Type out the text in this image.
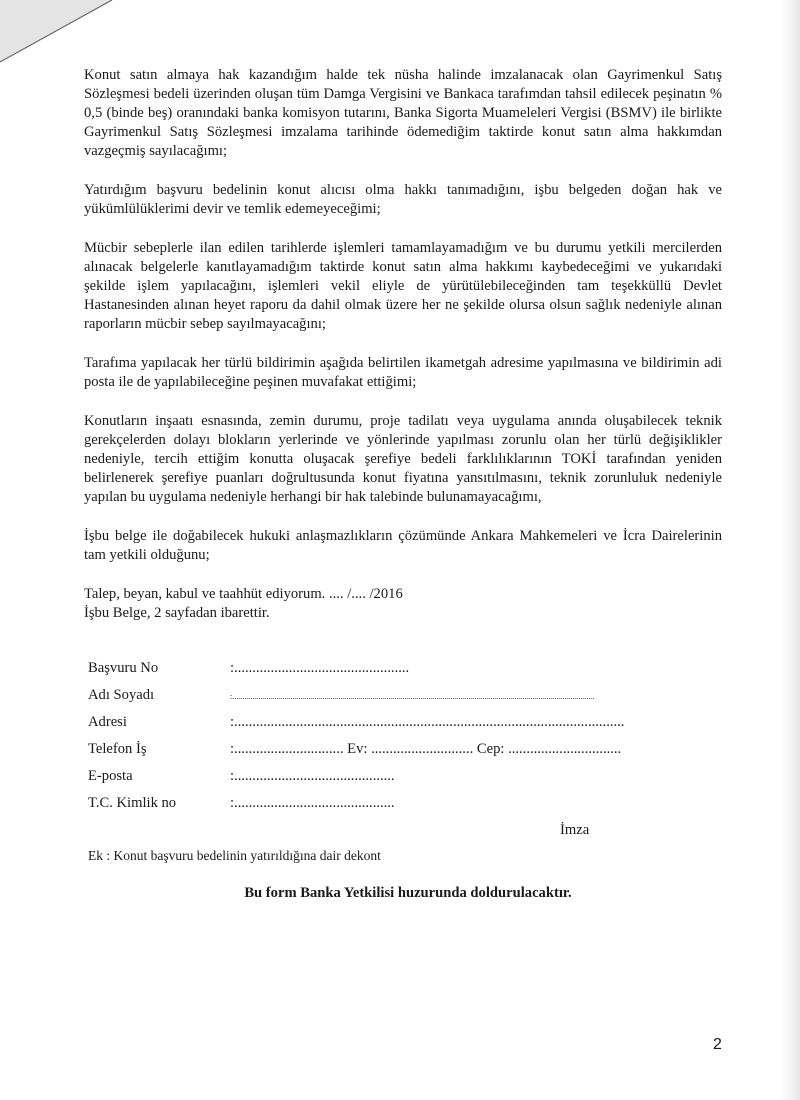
Konut satın almaya hak kazandığım halde tek nüsha halinde imzalanacak olan Gayrimenkul Satış Sözleşmesi bedeli üzerinden oluşan tüm Damga Vergisini ve Bankaca tarafımdan tahsil edilecek peşinatın % 0,5 (binde beş) oranındaki banka komisyon tutarını, Banka Sigorta Muameleleri Vergisi (BSMV) ile birlikte Gayrimenkul Satış Sözleşmesi imzalama tarihinde ödemediğim taktirde konut satın alma hakkımdan vazgeçmiş sayılacağımı;

Yatırdığım başvuru bedelinin konut alıcısı olma hakkı tanımadığını, işbu belgeden doğan hak ve yükümlülüklerimi devir ve temlik edemeyeceğimi;

Mücbir sebeplerle ilan edilen tarihlerde işlemleri tamamlayamadığım ve bu durumu yetkili mercilerden alınacak belgelerle kanıtlayamadığım taktirde konut satın alma hakkımı kaybedeceğimi ve yukarıdaki şekilde işlem yapılacağını, işlemleri vekil eliyle de yürütülebileceğinden tam teşekküllü Devlet Hastanesinden alınan heyet raporu da dahil olmak üzere her ne şekilde olursa olsun sağlık nedeniyle alınan raporların mücbir sebep sayılmayacağını;

Tarafıma yapılacak her türlü bildirimin aşağıda belirtilen ikametgah adresime yapılmasına ve bildirimin adi posta ile de yapılabileceğine peşinen muvafakat ettiğimi;

Konutların inşaatı esnasında, zemin durumu, proje tadilatı veya uygulama anında oluşabilecek teknik gerekçelerden dolayı blokların yerlerinde ve yönlerinde yapılması zorunlu olan her türlü değişiklikler nedeniyle, tercih ettiğim konutta oluşacak şerefiye bedeli farklılıklarının TOKİ tarafından yeniden belirlenerek şerefiye puanları doğrultusunda konut fiyatına yansıtılmasını, teknik zorunluluk nedeniyle yapılan bu uygulama nedeniyle herhangi bir hak talebinde bulunamayacağımı,

İşbu belge ile doğabilecek hukuki anlaşmazlıkların çözümünde Ankara Mahkemeleri ve İcra Dairelerinin tam yetkili olduğunu;

Talep, beyan, kabul ve taahhüt ediyorum. .... /.... /2016
İşbu Belge, 2 sayfadan ibarettir.
Başvuru No	:................................................
Adı Soyadı	:.....................................................................................................................................................................................
Adresi	:...........................................................................................................
Telefon İş	:.............................. Ev: ............................ Cep: ...............................
E-posta	:............................................
T.C. Kimlik no	:............................................
İmza
Ek : Konut başvuru bedelinin yatırıldığına dair dekont
Bu form Banka Yetkilisi huzurunda doldurulacaktır.
2
